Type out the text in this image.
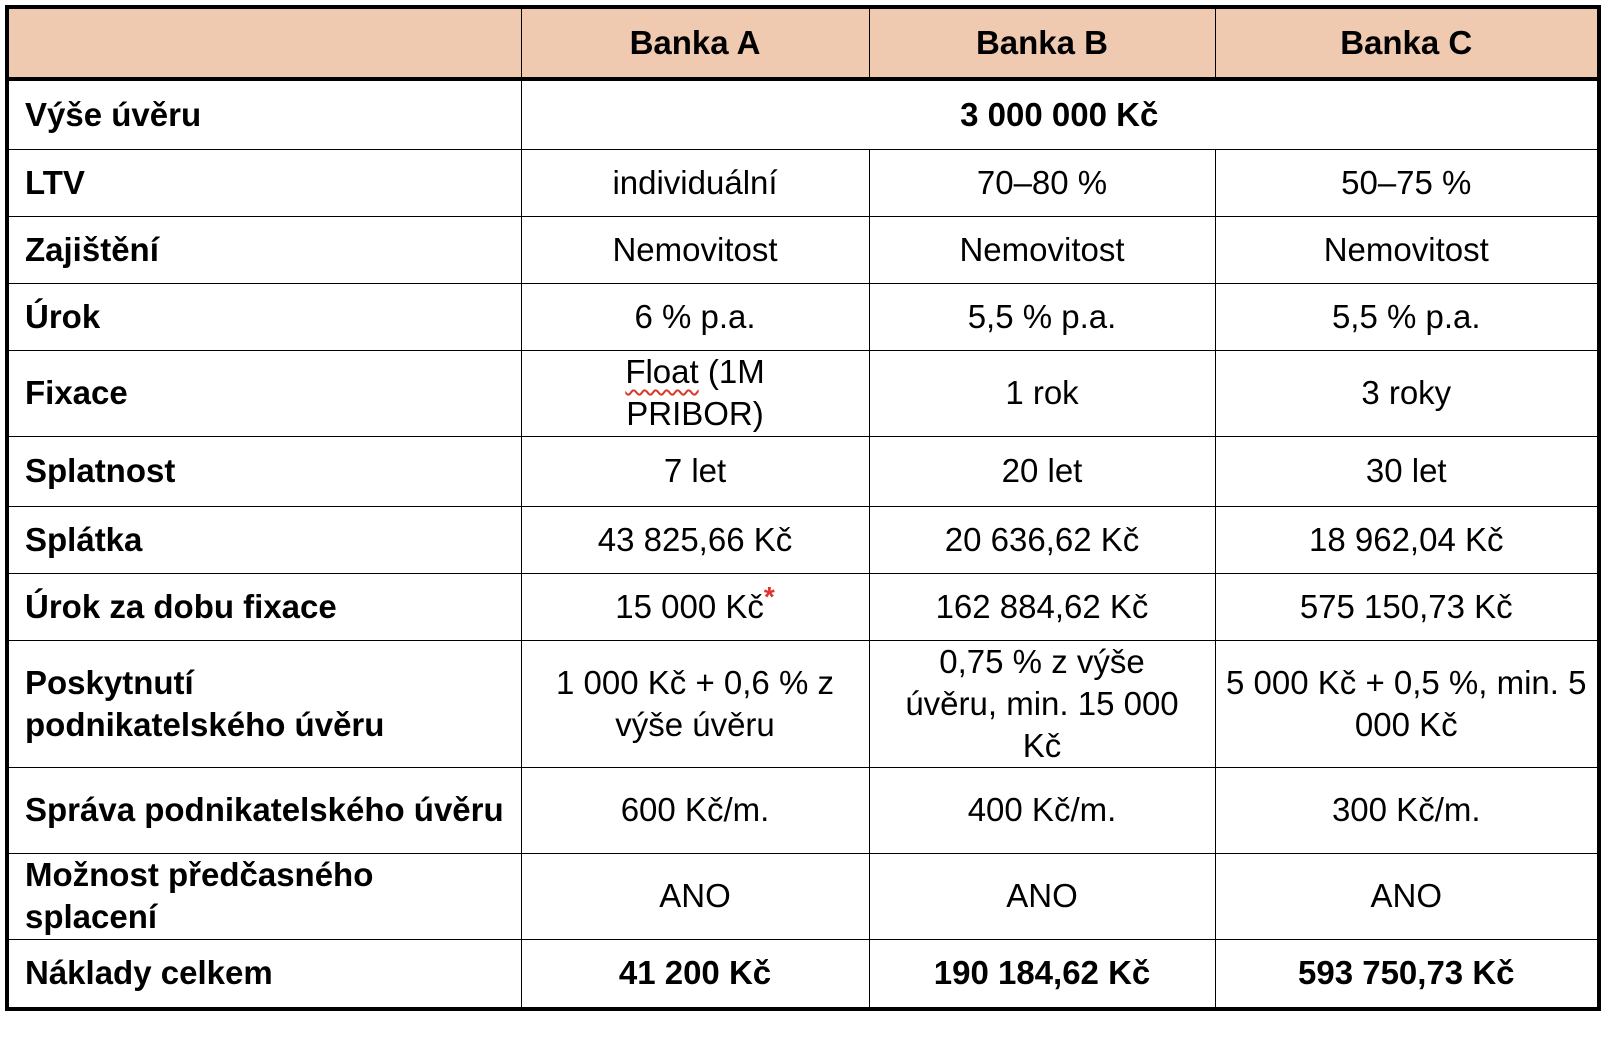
	Banka A	Banka B	Banka C
Výše úvěru	3 000 000 Kč		
LTV	individuální	70–80 %	50–75 %
Zajištění	Nemovitost	Nemovitost	Nemovitost
Úrok	6 % p.a.	5,5 % p.a.	5,5 % p.a.
Fixace	Float (1M PRIBOR)	1 rok	3 roky
Splatnost	7 let	20 let	30 let
Splátka	43 825,66 Kč	20 636,62 Kč	18 962,04 Kč
Úrok za dobu fixace	15 000 Kč*	162 884,62 Kč	575 150,73 Kč
Poskytnutí podnikatelského úvěru	1 000 Kč + 0,6 % z výše úvěru	0,75 % z výše úvěru, min. 15 000 Kč	5 000 Kč + 0,5 %, min. 5 000 Kč
Správa podnikatelského úvěru	600 Kč/m.	400 Kč/m.	300 Kč/m.
Možnost předčasného splacení	ANO	ANO	ANO
Náklady celkem	41 200 Kč	190 184,62 Kč	593 750,73 Kč
